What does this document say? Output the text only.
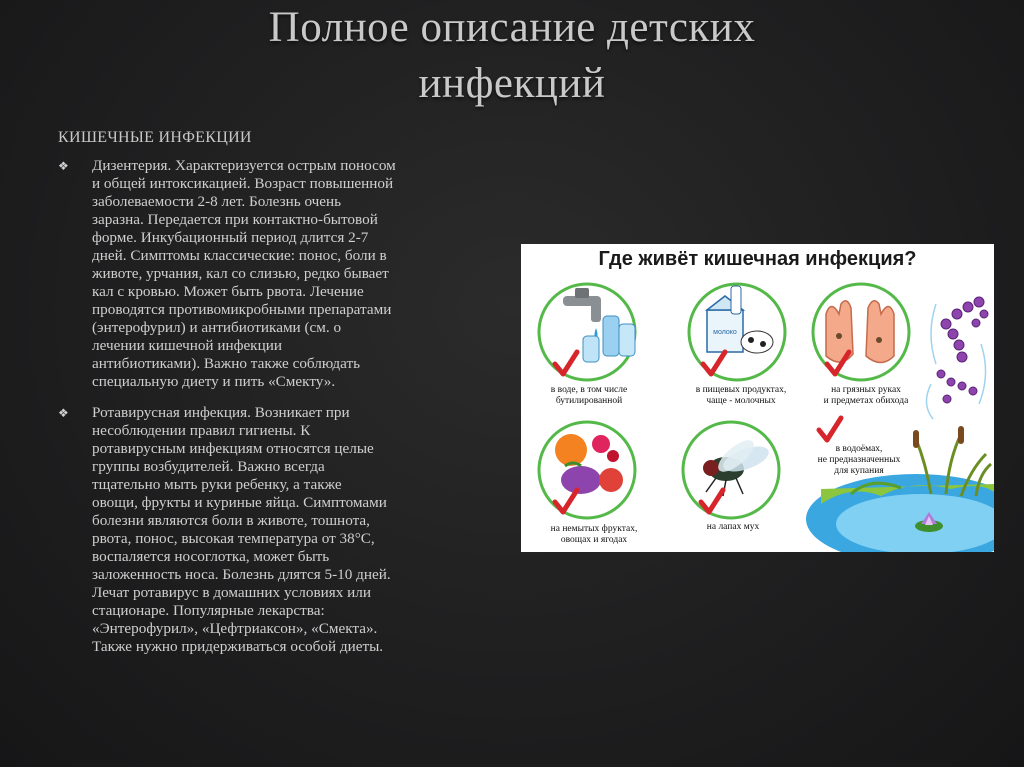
Полное описание детских
инфекций
КИШЕЧНЫЕ ИНФЕКЦИИ
❖ Дизентерия. Характеризуется острым поносом
и общей интоксикацией. Возраст повышенной
заболеваемости 2-8 лет. Болезнь очень
заразна. Передается при контактно-бытовой
форме. Инкубационный период длится 2-7
дней. Симптомы классические: понос, боли в
животе, урчания, кал со слизью, редко бывает
кал с кровью. Может быть рвота. Лечение
проводятся противомикробными препаратами
(энтерофурил) и антибиотиками (см. о
лечении кишечной инфекции
антибиотиками). Важно также соблюдать
специальную диету и пить «Смекту».
❖ Ротавирусная инфекция. Возникает при
несоблюдении правил гигиены. К
ротавирусным инфекциям относятся целые
группы возбудителей. Важно всегда
тщательно мыть руки ребенку, а также
овощи, фрукты и куриные яйца. Симптомами
болезни являются боли в животе, тошнота,
рвота, понос, высокая температура от 38°C,
воспаляется носоглотка, может быть
заложенность носа. Болезнь длятся 5-10 дней.
Лечат ротавирус в домашних условиях или
стационаре. Популярные лекарства:
«Энтерофурил», «Цефтриаксон», «Смекта».
Также нужно придерживаться особой диеты.
Где живёт кишечная инфекция?
молоко
в воде, в том числе
бутилированной
в пищевых продуктах,
чаще - молочных
на грязных руках
и предметах обихода
на немытых фруктах,
овощах и ягодах
на лапах мух
в водоёмах,
не предназначенных
для купания
